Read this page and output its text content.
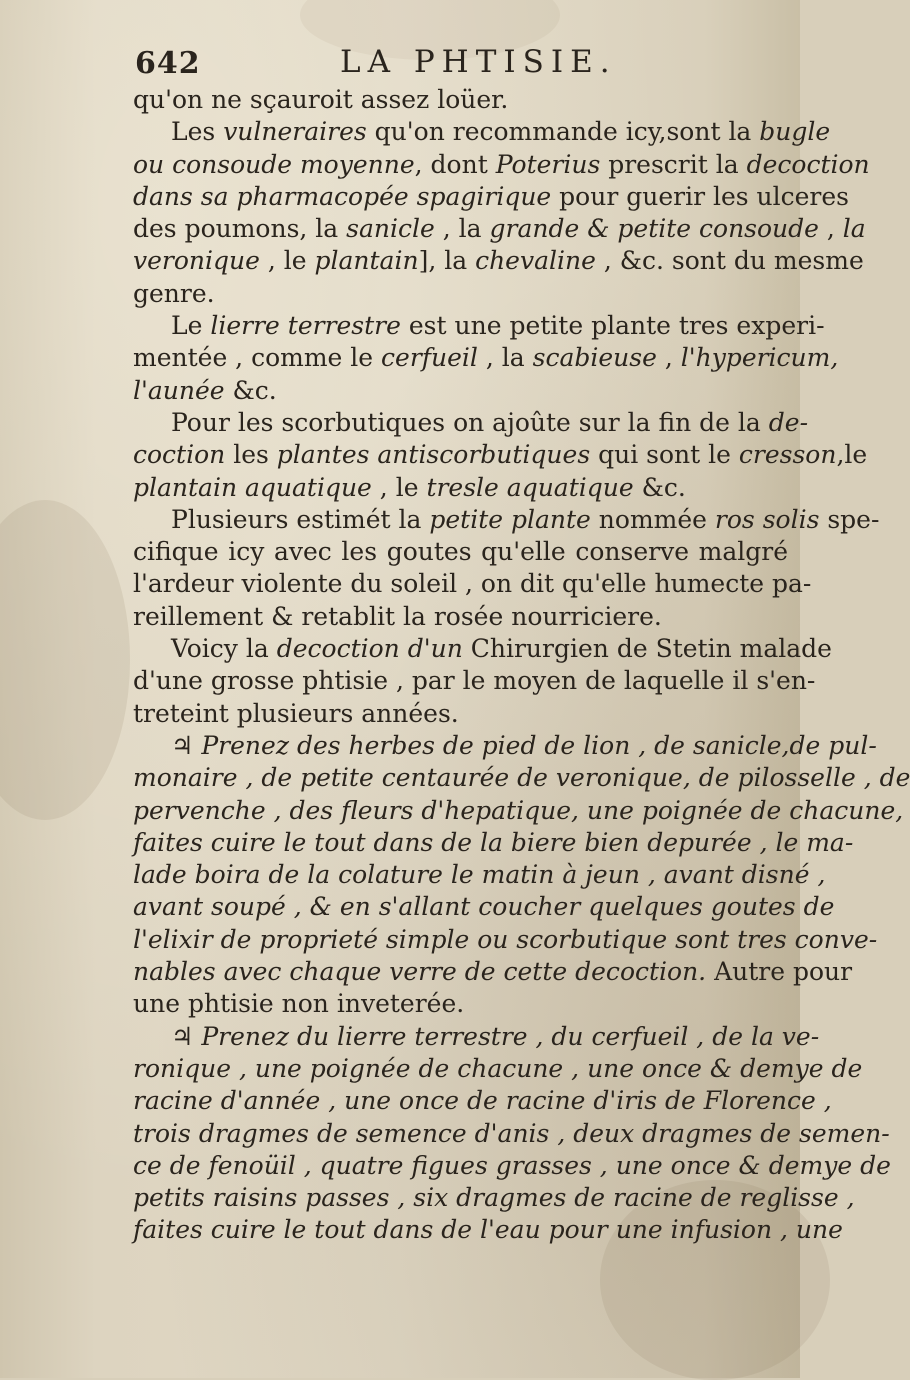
642	LA PHTISIE.
qu'on ne sçauroit assez loüer.
Les vulneraires qu'on recommande icy,sont la bugle
ou consoude moyenne, dont Poterius prescrit la decoction
dans sa pharmacopée spagirique pour guerir les ulceres
des poumons, la sanicle , la grande & petite consoude , la
veronique , le plantain], la chevaline , &c. sont du mesme
genre.
Le lierre terrestre est une petite plante tres experi-
mentée , comme le cerfueil , la scabieuse , l'hypericum,
l'aunée &c.
Pour les scorbutiques on ajoûte sur la fin de la de-
coction les plantes antiscorbutiques qui sont le cresson,le
plantain aquatique , le tresle aquatique &c.
Plusieurs estimét la petite plante nommée ros solis spe-
cifique icy avec les goutes qu'elle conserve malgré
l'ardeur violente du soleil , on dit qu'elle humecte pa-
reillement & retablit la rosée nourriciere.
Voicy la decoction d'un Chirurgien de Stetin malade
d'une grosse phtisie , par le moyen de laquelle il s'en-
treteint plusieurs années.
♃ Prenez des herbes de pied de lion , de sanicle,de pul-
monaire , de petite centaurée de veronique, de pilosselle , de
pervenche , des fleurs d'hepatique, une poignée de chacune,
faites cuire le tout dans de la biere bien depurée , le ma-
lade boira de la colature le matin à jeun , avant disné ,
avant soupé , & en s'allant coucher quelques goutes de
l'elixir de proprieté simple ou scorbutique sont tres conve-
nables avec chaque verre de cette decoction. Autre pour
une phtisie non inveterée.
♃ Prenez du lierre terrestre , du cerfueil , de la ve-
ronique , une poignée de chacune , une once & demye de
racine d'année , une once de racine d'iris de Florence ,
trois dragmes de semence d'anis , deux dragmes de semen-
ce de fenoüil , quatre figues grasses , une once & demye de
petits raisins passes , six dragmes de racine de reglisse ,
faites cuire le tout dans de l'eau pour une infusion , une
